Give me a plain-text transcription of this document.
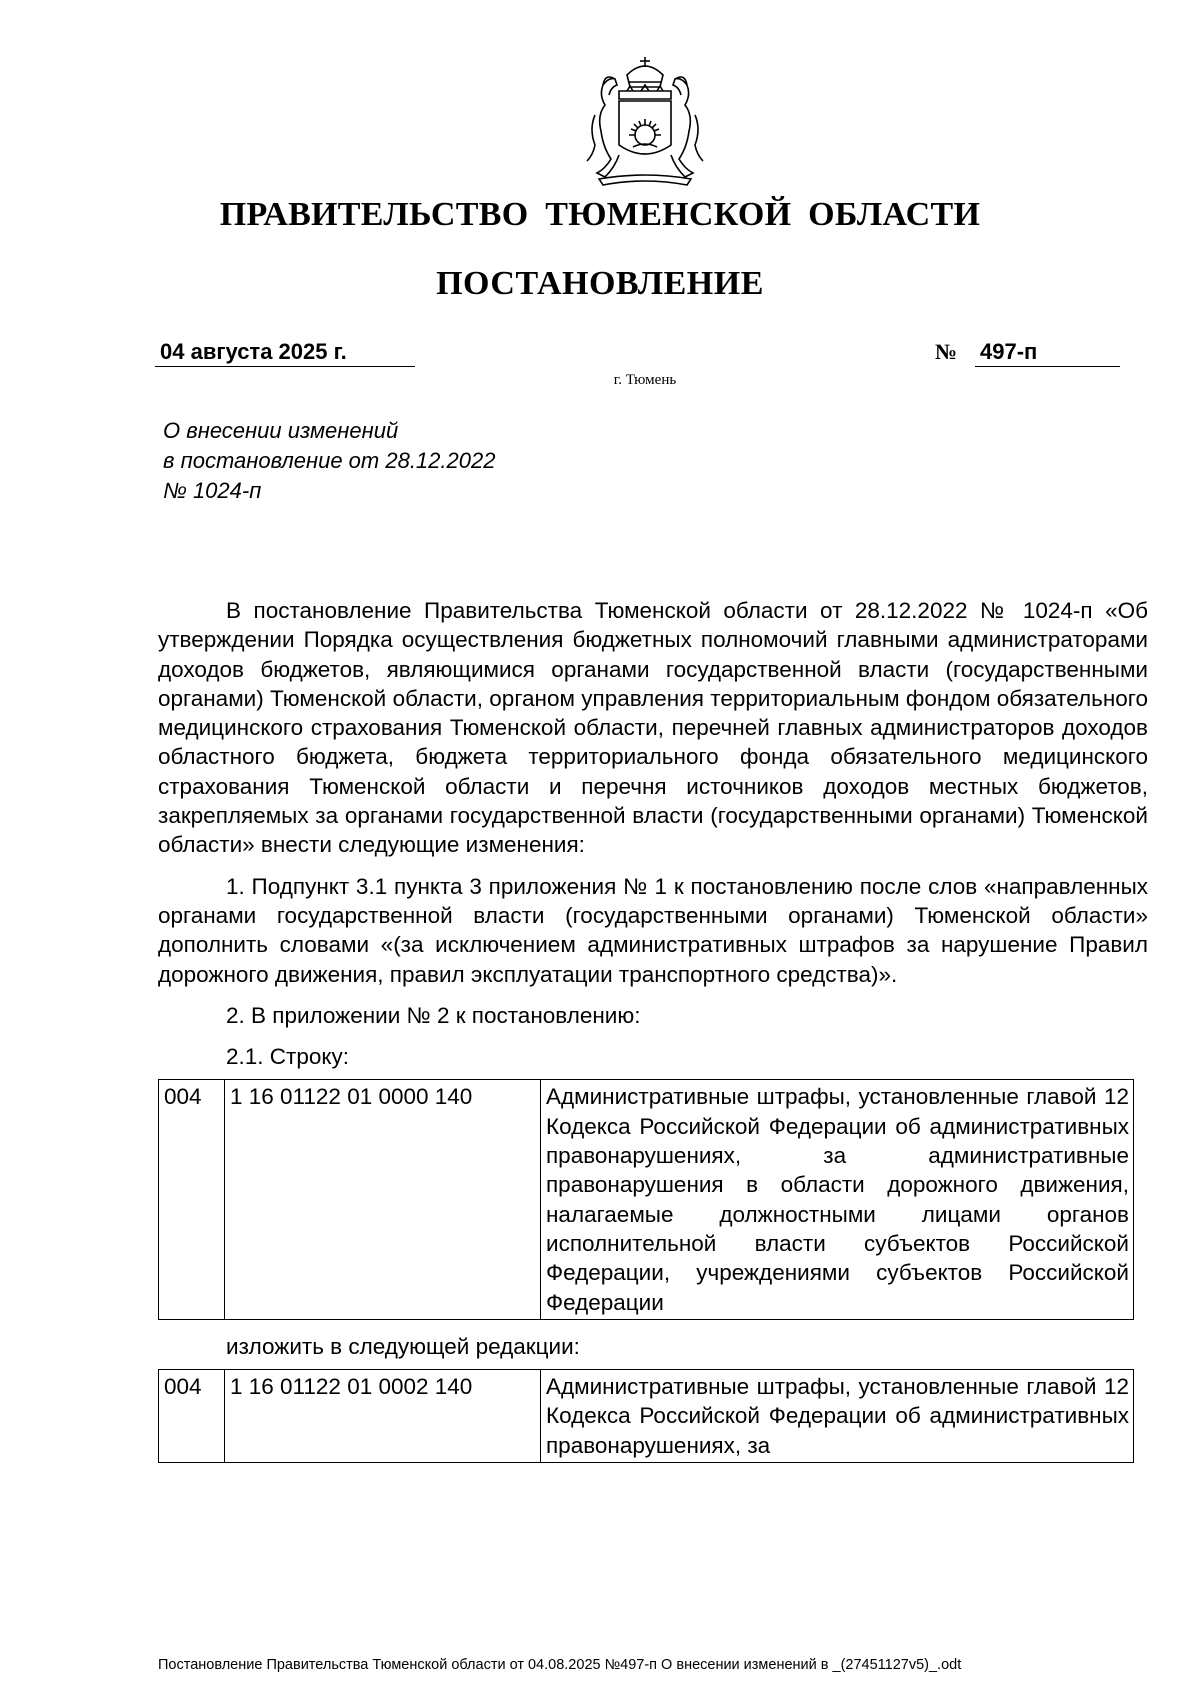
ПРАВИТЕЛЬСТВО ТЮМЕНСКОЙ ОБЛАСТИ
ПОСТАНОВЛЕНИЕ
04 августа 2025 г.	№ 497-п
г. Тюмень
О внесении изменений
в постановление от 28.12.2022
№ 1024-п

В постановление Правительства Тюменской области от 28.12.2022 № 1024-п «Об утверждении Порядка осуществления бюджетных полномочий главными администраторами доходов бюджетов, являющимися органами государственной власти (государственными органами) Тюменской области, органом управления территориальным фондом обязательного медицинского страхования Тюменской области, перечней главных администраторов доходов областного бюджета, бюджета территориального фонда обязательного медицинского страхования Тюменской области и перечня источников доходов местных бюджетов, закрепляемых за органами государственной власти (государственными органами) Тюменской области» внести следующие изменения:

1. Подпункт 3.1 пункта 3 приложения № 1 к постановлению после слов «направленных органами государственной власти (государственными органами) Тюменской области» дополнить словами «(за исключением административных штрафов за нарушение Правил дорожного движения, правил эксплуатации транспортного средства)».

2. В приложении № 2 к постановлению:

2.1. Строку:

004	1 16 01122 01 0000 140	Административные штрафы, установленные главой 12 Кодекса Российской Федерации об административных правонарушениях, за административные правонарушения в области дорожного движения, налагаемые должностными лицами органов исполнительной власти субъектов Российской Федерации, учреждениями субъектов Российской Федерации

изложить в следующей редакции:

004	1 16 01122 01 0002 140	Административные штрафы, установленные главой 12 Кодекса Российской Федерации об административных правонарушениях, за
Постановление Правительства Тюменской области от 04.08.2025 №497-п О внесении изменений в _(27451127v5)_.odt
